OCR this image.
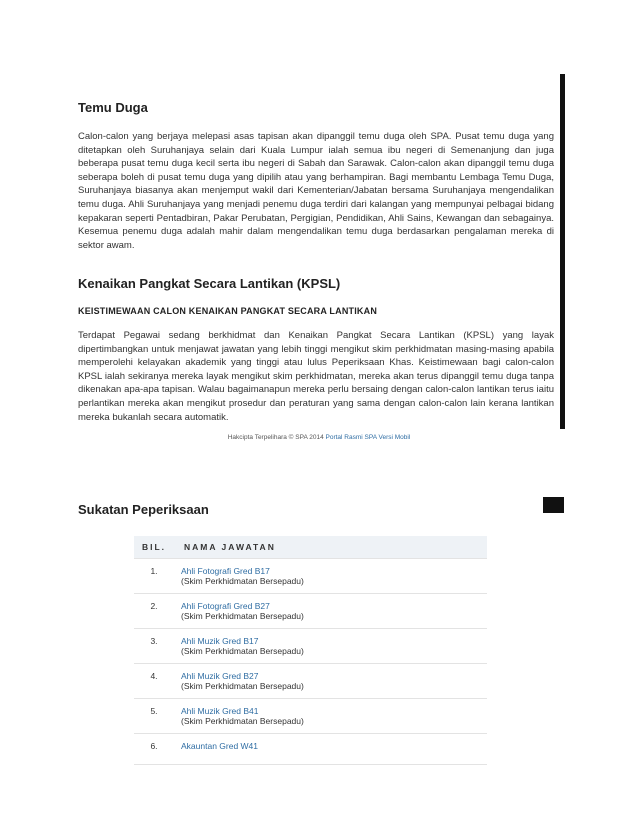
Temu Duga

Calon-calon yang berjaya melepasi asas tapisan akan dipanggil temu duga oleh SPA. Pusat temu duga yang ditetapkan oleh Suruhanjaya selain dari Kuala Lumpur ialah semua ibu negeri di Semenanjung dan juga beberapa pusat temu duga kecil serta ibu negeri di Sabah dan Sarawak. Calon-calon akan dipanggil temu duga seberapa boleh di pusat temu duga yang dipilih atau yang berhampiran. Bagi membantu Lembaga Temu Duga, Suruhanjaya biasanya akan menjemput wakil dari Kementerian/Jabatan bersama Suruhanjaya mengendalikan temu duga. Ahli Suruhanjaya yang menjadi penemu duga terdiri dari kalangan yang mempunyai pelbagai bidang kepakaran seperti Pentadbiran, Pakar Perubatan, Pergigian, Pendidikan, Ahli Sains, Kewangan dan sebagainya. Kesemua penemu duga adalah mahir dalam mengendalikan temu duga berdasarkan pengalaman mereka di sektor awam.

Kenaikan Pangkat Secara Lantikan (KPSL)

KEISTIMEWAAN CALON KENAIKAN PANGKAT SECARA LANTIKAN

Terdapat Pegawai sedang berkhidmat dan Kenaikan Pangkat Secara Lantikan (KPSL) yang layak dipertimbangkan untuk menjawat jawatan yang lebih tinggi mengikut skim perkhidmatan masing-masing apabila memperolehi kelayakan akademik yang tinggi atau lulus Peperiksaan Khas. Keistimewaan bagi calon-calon KPSL ialah sekiranya mereka layak mengikut skim perkhidmatan, mereka akan terus dipanggil temu duga tanpa dikenakan apa-apa tapisan. Walau bagaimanapun mereka perlu bersaing dengan calon-calon lantikan terus iaitu perlantikan mereka akan mengikut prosedur dan peraturan yang sama dengan calon-calon lain kerana lantikan mereka bukanlah secara automatik.

Hakcipta Terpelihara © SPA 2014 Portal Rasmi SPA Versi Mobil
Sukatan Peperiksaan
BIL.	NAMA JAWATAN
1.	Ahli Fotografi Gred B17
(Skim Perkhidmatan Bersepadu)

2.	Ahli Fotografi Gred B27
(Skim Perkhidmatan Bersepadu)

3.	Ahli Muzik Gred B17
(Skim Perkhidmatan Bersepadu)

4.	Ahli Muzik Gred B27
(Skim Perkhidmatan Bersepadu)

5.	Ahli Muzik Gred B41
(Skim Perkhidmatan Bersepadu)

6.	Akauntan Gred W41
